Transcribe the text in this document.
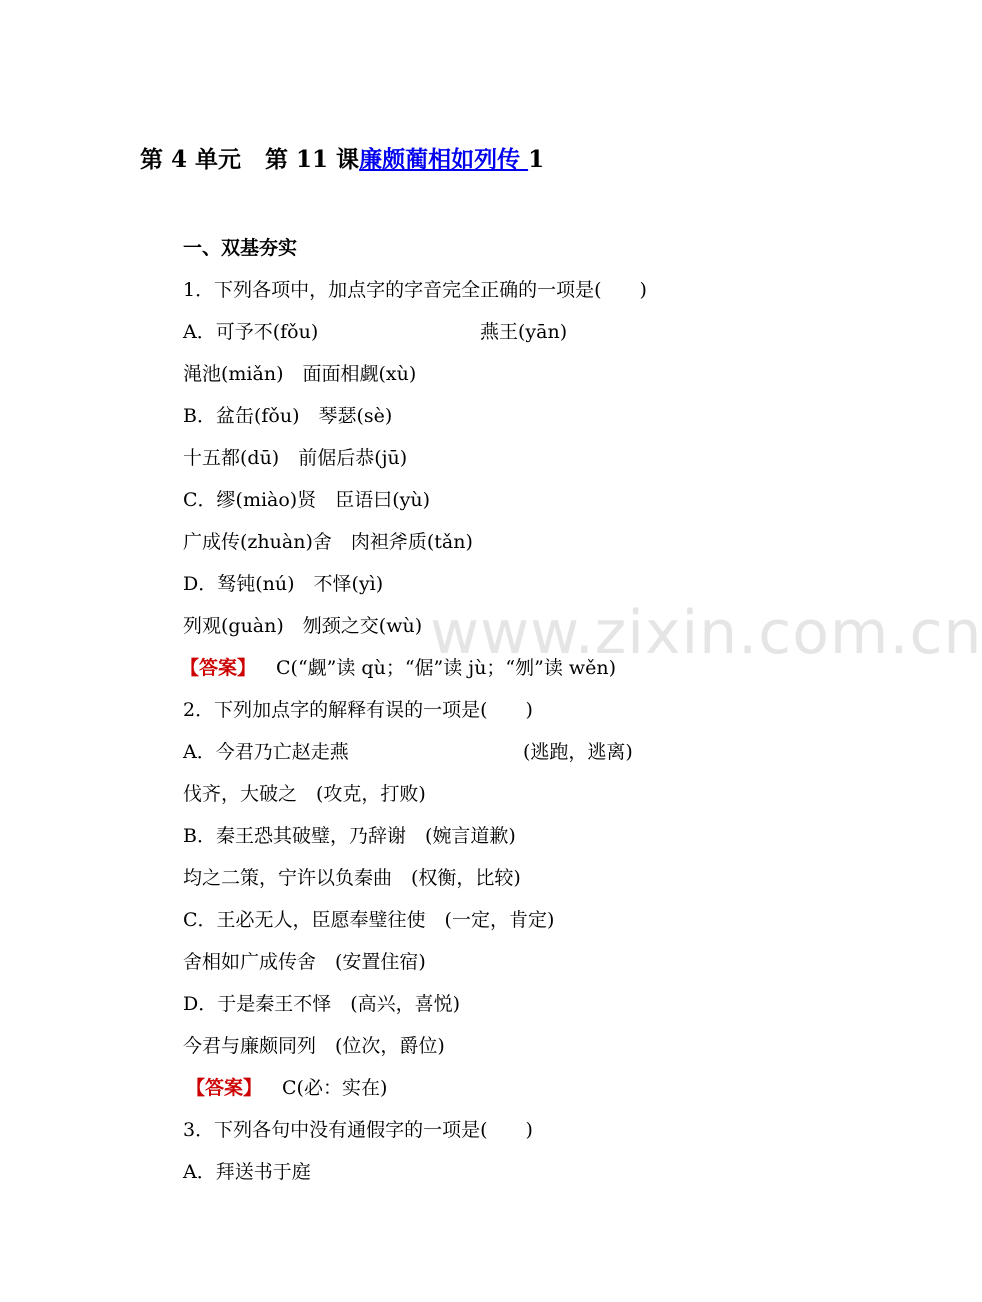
第 4 单元 第 11 课廉颇蔺相如列传 1
一、双基夯实
1．下列各项中，加点字的字音完全正确的一项是(　　)
A．可予不(fǒu)	燕王(yān)
渑池(miǎn)　面面相觑(xù)
B．盆缶(fǒu)　琴瑟(sè)
十五都(dū)　前倨后恭(jū)
C．缪(miào)贤　臣语曰(yù)
广成传(zhuàn)舍　肉袒斧质(tǎn)
D．驽钝(nú)　不怿(yì)
列观(guàn)　刎颈之交(wù)
【答案】 C(“觑”读 qù；“倨”读 jù；“刎”读 wěn)
2．下列加点字的解释有误的一项是(　　)
A．今君乃亡赵走燕	(逃跑，逃离)
伐齐，大破之　(攻克，打败)
B．秦王恐其破璧，乃辞谢　(婉言道歉)
均之二策，宁许以负秦曲　(权衡，比较)
C．王必无人，臣愿奉璧往使　(一定，肯定)
舍相如广成传舍　(安置住宿)
D．于是秦王不怿　(高兴，喜悦)
今君与廉颇同列　(位次，爵位)
【答案】 C(必：实在)
3．下列各句中没有通假字的一项是(　　)
A．拜送书于庭
www.zixin.com.cn
